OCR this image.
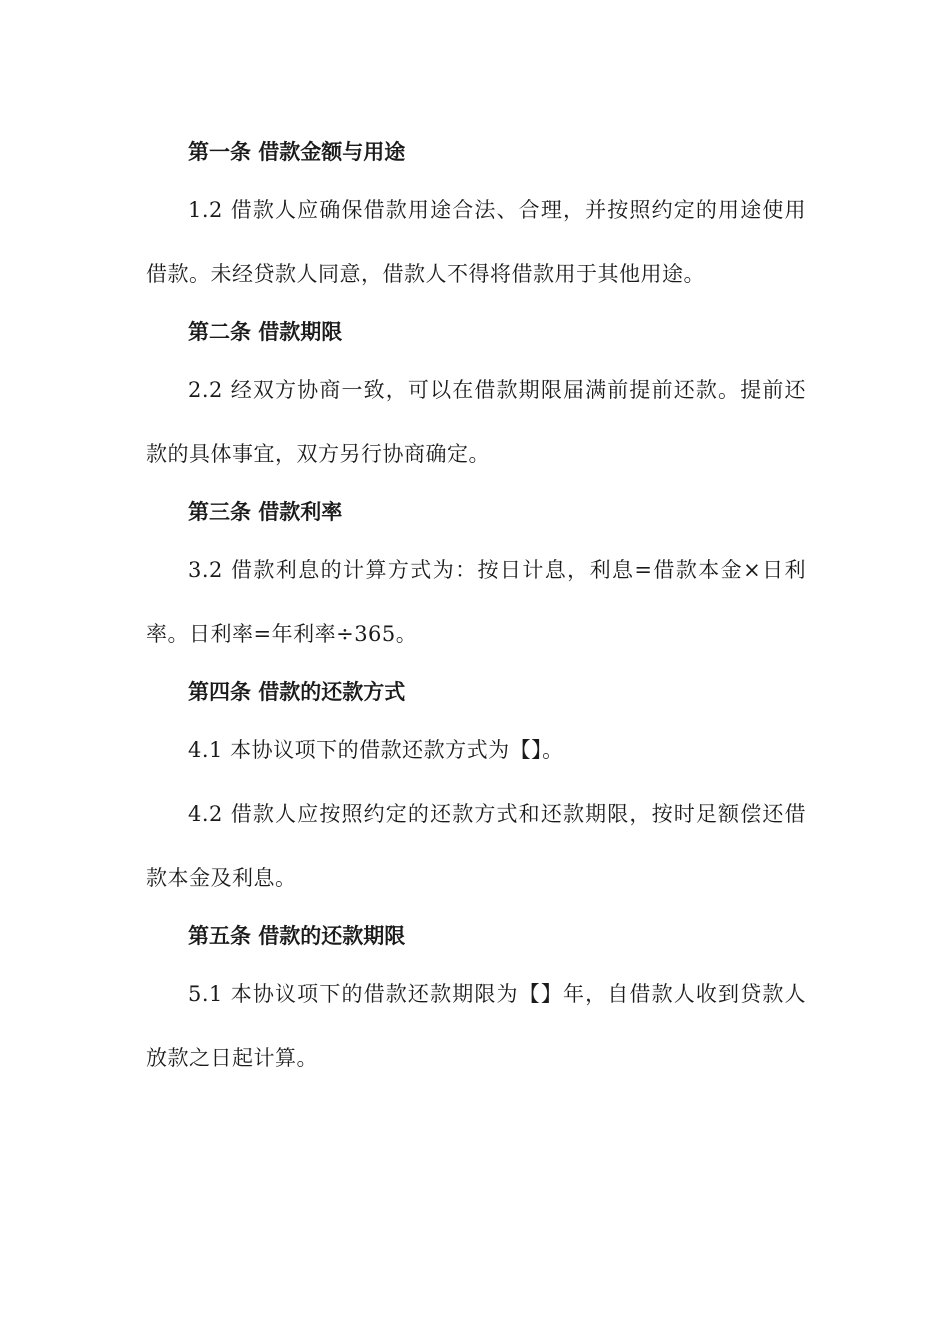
第一条 借款金额与用途

1.2 借款人应确保借款用途合法、合理，并按照约定的用途使用借款。未经贷款人同意，借款人不得将借款用于其他用途。

第二条 借款期限

2.2 经双方协商一致，可以在借款期限届满前提前还款。提前还款的具体事宜，双方另行协商确定。

第三条 借款利率

3.2 借款利息的计算方式为：按日计息，利息=借款本金×日利率。日利率=年利率÷365。

第四条 借款的还款方式

4.1 本协议项下的借款还款方式为【】。

4.2 借款人应按照约定的还款方式和还款期限，按时足额偿还借款本金及利息。

第五条 借款的还款期限

5.1 本协议项下的借款还款期限为【】年，自借款人收到贷款人放款之日起计算。
